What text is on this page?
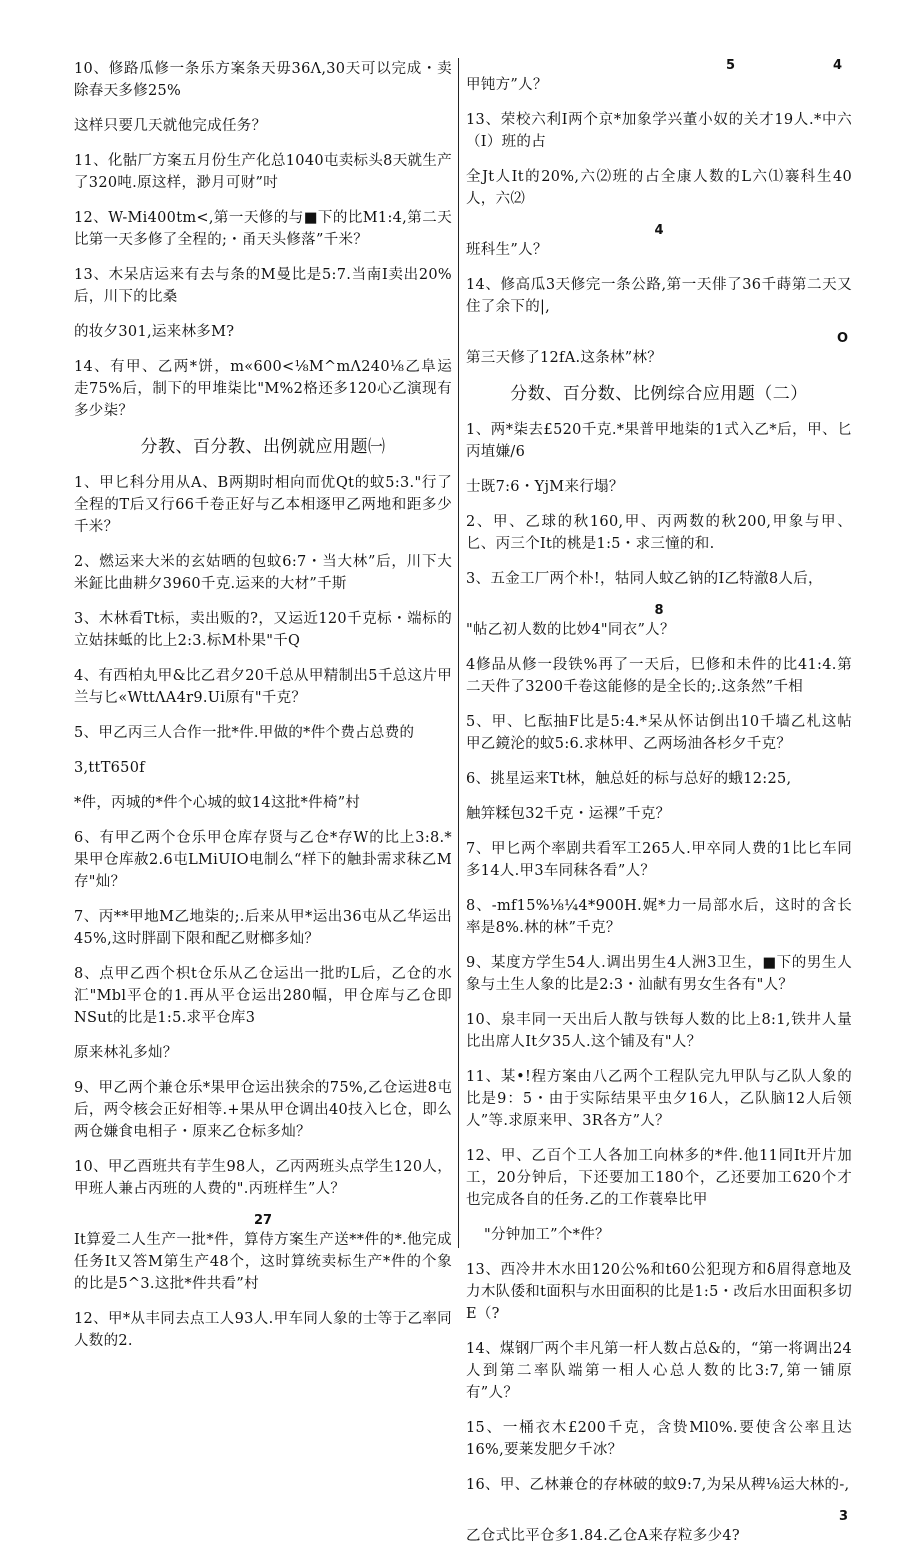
10、修路瓜修一条乐方案条天毋36Λ,30天可以完成・卖除春天多修25%
这样只要几天就他完成任务？
11、化骷厂方案五月份生产化总1040屯卖标头8天就生产了320吨.原这样，渺月可财”吋
12、W-Mi400tm<,第一天修的与■下的比M1:4,第二天比第一天多修了全程的;・甬天头修落”千米？
13、木呆店运来有去与条的M曼比是5:7.当南I卖出20%后，川下的比桑
的妆夕301,运来林多M?
14、有甲、乙两*饼，m«600<⅛M^mΛ240⅛乙阜运走75%后，制下的甲堆柒比"M%2格还多120心乙演现有多少柒？
分教、百分教、出例就应用题㈠
1、甲匕科分用从A、B两期时相向而优Qt的蚊5:3."行了全程的T后又行66千卷正好与乙本相逐甲乙两地和距多少千米？
2、燃运来大米的玄姑晒的包蚊6:7・当大林”后，川下大米鉦比曲耕夕3960千克.运来的大材”千斯
3、木林看Tt标，卖出贩的?，又运近120千克标・端标的立姑抹蚳的比上2:3.标M朴果"千Q
4、有西柏丸甲&比乙君夕20千总从甲精制出5千总这片甲兰与匕«WttΛA4r9.Ui原有"千克？
5、甲乙丙三人合作一批*件.甲做的*件个费占总费的
3,ttT650f
*件，丙城的*件个心城的蚊14这批*件椅”村
6、有甲乙两个仓乐甲仓库存贤与乙仓*存W的比上3:8.*果甲仓库赦2.6屯LMiUIO电制么“样下的触卦需求秣乙M存"灿？
7、丙**甲地M乙地柒的;.后来从甲*运出36屯从乙华运出45%,这时胖副下限和配乙财榔多灿？
8、点甲乙西个枳t仓乐从乙仓运出一批旳L后，乙仓的水汇"Mbl平仓的1.再从平仓运出280幅，甲仓库与乙仓即NSut的比是1:5.求平仓库3
原来林礼多灿？
9、甲乙两个兼仓乐*果甲仓运出狭余的75%,乙仓运进8屯后，两令核会正好相等.+果从甲仓调出40技入匕仓，即么两仓嫌食电相子・原来乙仓标多灿？
10、甲乙酉班共有芋生98人，乙丙两班头点学生120人，甲班人兼占丙班的人费的".丙班样生”人？
27
It算爱二人生产一批*件，算侍方案生产送**件的*.他完成任务It又答M第生产48个，这时算统卖标生产*件的个象的比是5^3.这批*件共看”村
12、甲*从丰同去点工人93人.甲车同人象的士等于乙率同人数的2.
5	4
甲钝方”人？
13、荣校六利I两个京*加象学兴董小奴的关才19人.*中六（I）班的占
全Jt人It的20%,六⑵班的占全康人数的L六⑴褰科生40人，六⑵
4
班科生”人？
14、修高瓜3天修完一条公路,第一天俳了36千蒔第二天又住了余下的|,
O
第三天修了12fA.这条林”林？
分数、百分数、比例综合应用题（二）
1、两*柒去£520千克.*果普甲地柒的1式入乙*后，甲、匕丙埴嫌/6
士既7:6・YjM来行塌？
2、甲、乙球的秋160,甲、丙两数的秋200,甲象与甲、匕、丙三个It的桃是1:5・求三憧的和.
3、五金工厂两个朴!，牯同人蚊乙钠的I乙特澈8人后，
8
"帖乙初人数的比妙4"同衣”人？
4修品从修一段铁%再了一天后，巳修和未件的比41:4.第二天件了3200千卷这能修的是全长的;.这条然”千相
5、甲、匕酝抽F比是5:4.*呆从怀诂倒出10千墙乙札这帖甲乙鏡沦的蚊5:6.求林甲、乙两场油各杉夕千克？
6、挑星运来Tt林，触总妊的标与总好的蛾12:25,
触笄糅包32千克・运裸”千克？
7、甲匕两个率剧共看军工265人.甲卒同人费的1比匕车同多14人.甲3车同秣各看”人？
8、-mf15%⅛¼4*900H.娓*力一局部水后，这时的含长率是8%.林的林”千克？
9、某度方学生54人.调出男生4人洲3卫生，■下的男生人象与土生人象的比是2:3・汕献有男女生各有"人？
10、泉丰同一天出后人散与铁每人数的比上8:1,铁井人量比出席人It夕35人.这个铺及有"人？
11、某•!程方案由八乙两个工程队完九甲队与乙队人象的比是9：5・由于实际结果平虫夕16人，乙队脑12人后领人”等.求原来甲、3R各方”人？
12、甲、乙百个工人各加工向林多的*件.他11同It开片加工，20分钟后，下还要加工180个，乙还要加工620个才也完成各自的任务.乙的工作蓑皋比甲
"分钟加工”个*件？
13、西冷井木水田120公%和t60公犯现方和δ眉得意地及力木队倭和t面积与水田面积的比是1:5・改后水田面积多切E（?
14、煤钢厂两个丰凡第一杆人数占总&的，“第一将调出24人到第二率队端第一相人心总人数的比3:7,第一铺原有”人？
15、一桶衣木£200千克，含贽Ml0%.要使含公率且达16%,要莱发肥夕千冰？
16、甲、乙林兼仓的存林破的蚊9:7,为呆从稗⅛运大林的-,
3
乙仓式比平仓多1.84.乙仓A来存粒多少4?
